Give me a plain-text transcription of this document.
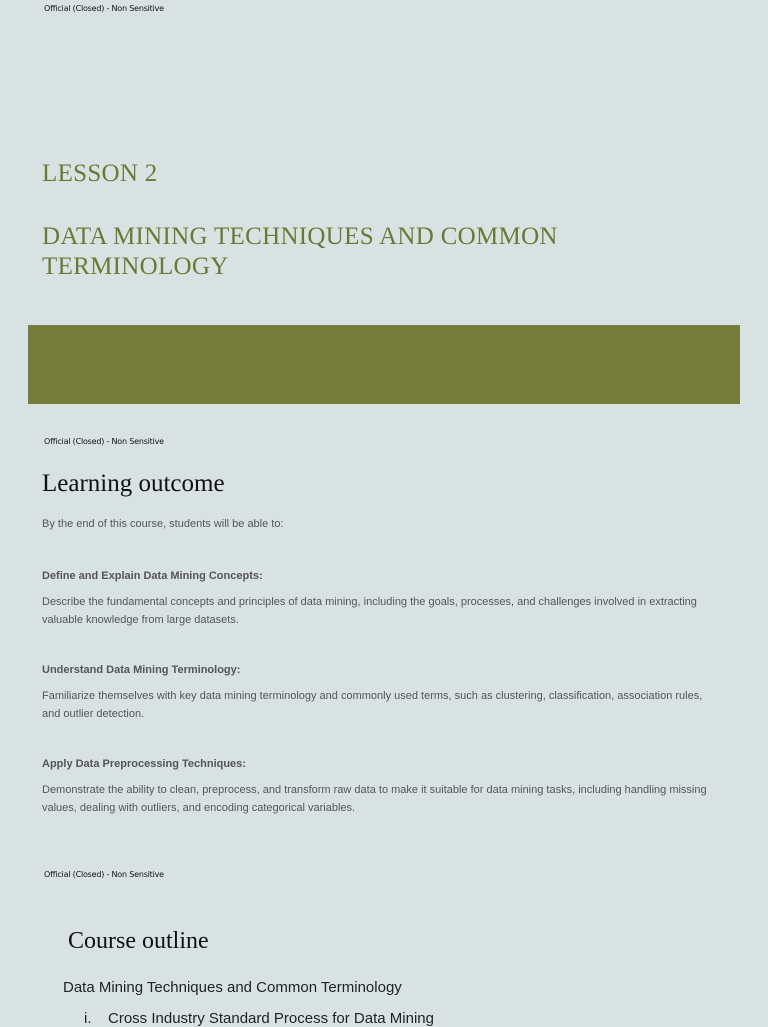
Official (Closed) - Non Sensitive
LESSON 2
DATA MINING TECHNIQUES AND COMMON TERMINOLOGY
Official (Closed) - Non Sensitive
Learning outcome
By the end of this course, students will be able to:

Define and Explain Data Mining Concepts:

Describe the fundamental concepts and principles of data mining, including the goals, processes, and challenges involved in extracting valuable knowledge from large datasets.

Understand Data Mining Terminology:

Familiarize themselves with key data mining terminology and commonly used terms, such as clustering, classification, association rules, and outlier detection.

Apply Data Preprocessing Techniques:

Demonstrate the ability to clean, preprocess, and transform raw data to make it suitable for data mining tasks, including handling missing values, dealing with outliers, and encoding categorical variables.

Official (Closed) - Non Sensitive
Course outline
Data Mining Techniques and Common Terminology
i. Cross Industry Standard Process for Data Mining
